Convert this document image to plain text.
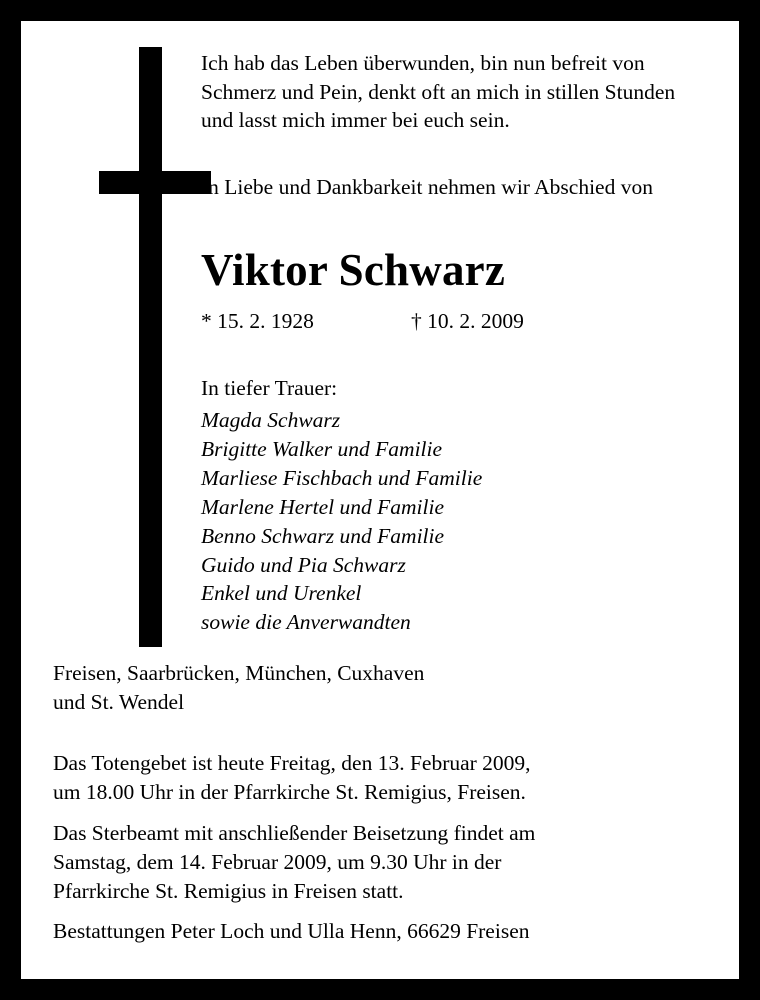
Ich hab das Leben überwunden, bin nun befreit von Schmerz und Pein, denkt oft an mich in stillen Stunden und lasst mich immer bei euch sein.
In Liebe und Dankbarkeit nehmen wir Abschied von
Viktor Schwarz
* 15. 2. 1928	† 10. 2. 2009
In tiefer Trauer:
Magda Schwarz
Brigitte Walker und Familie
Marliese Fischbach und Familie
Marlene Hertel und Familie
Benno Schwarz und Familie
Guido und Pia Schwarz
Enkel und Urenkel
sowie die Anverwandten
Freisen, Saarbrücken, München, Cuxhaven
und St. Wendel
Das Totengebet ist heute Freitag, den 13. Februar 2009,
um 18.00 Uhr in der Pfarrkirche St. Remigius, Freisen.
Das Sterbeamt mit anschließender Beisetzung findet am
Samstag, dem 14. Februar 2009, um 9.30 Uhr in der
Pfarrkirche St. Remigius in Freisen statt.
Bestattungen Peter Loch und Ulla Henn, 66629 Freisen
